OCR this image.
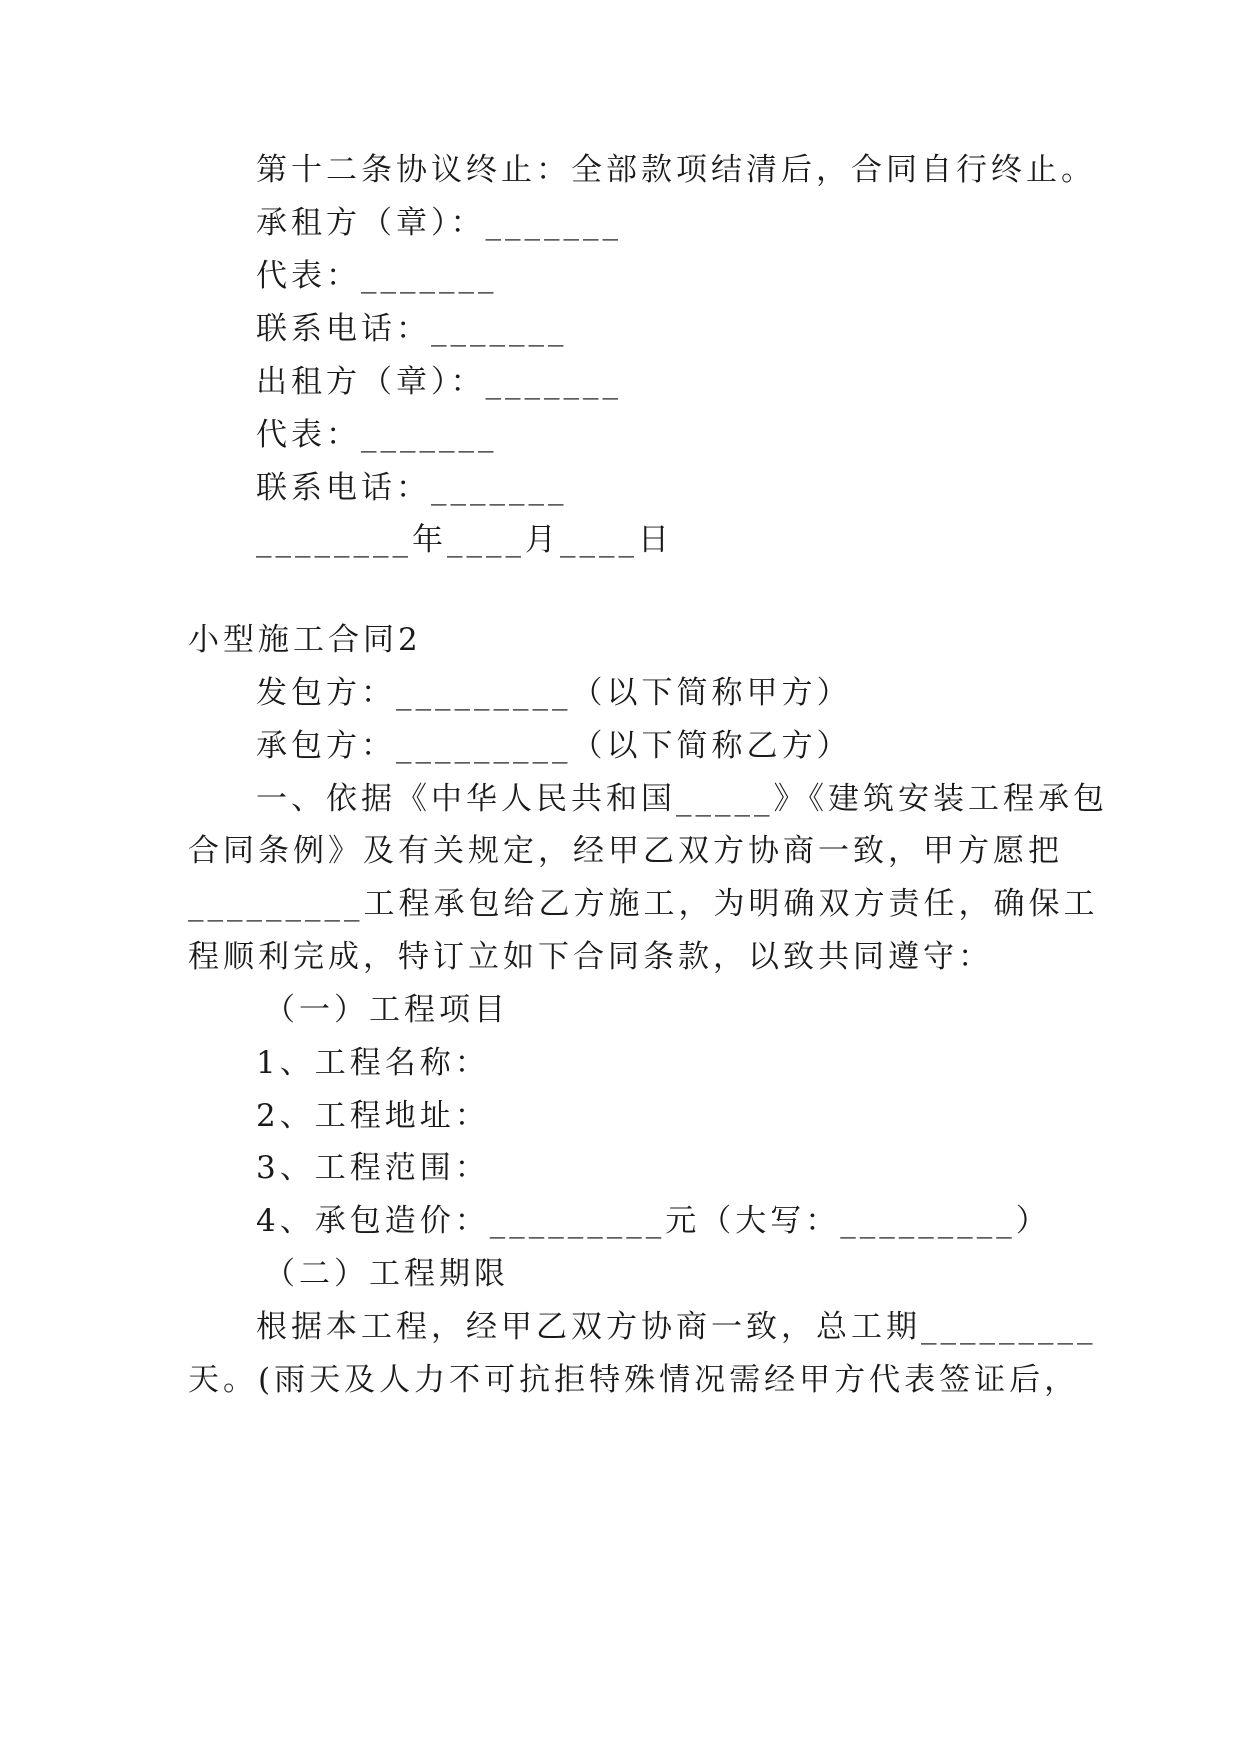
第十二条协议终止：全部款项结清后，合同自行终止。
承租方（章）：_______
代表：_______
联系电话：_______
出租方（章）：_______
代表：_______
联系电话：_______
________年____月____日
小型施工合同2
发包方：_________（以下简称甲方）
承包方：_________（以下简称乙方）
一、依据《中华人民共和国_____》《建筑安装工程承包
合同条例》及有关规定，经甲乙双方协商一致，甲方愿把
_________工程承包给乙方施工，为明确双方责任，确保工
程顺利完成，特订立如下合同条款，以致共同遵守：
（一）工程项目
1、工程名称：
2、工程地址：
3、工程范围：
4、承包造价：_________元（大写：_________）
（二）工程期限
根据本工程，经甲乙双方协商一致，总工期_________
天。(雨天及人力不可抗拒特殊情况需经甲方代表签证后，
